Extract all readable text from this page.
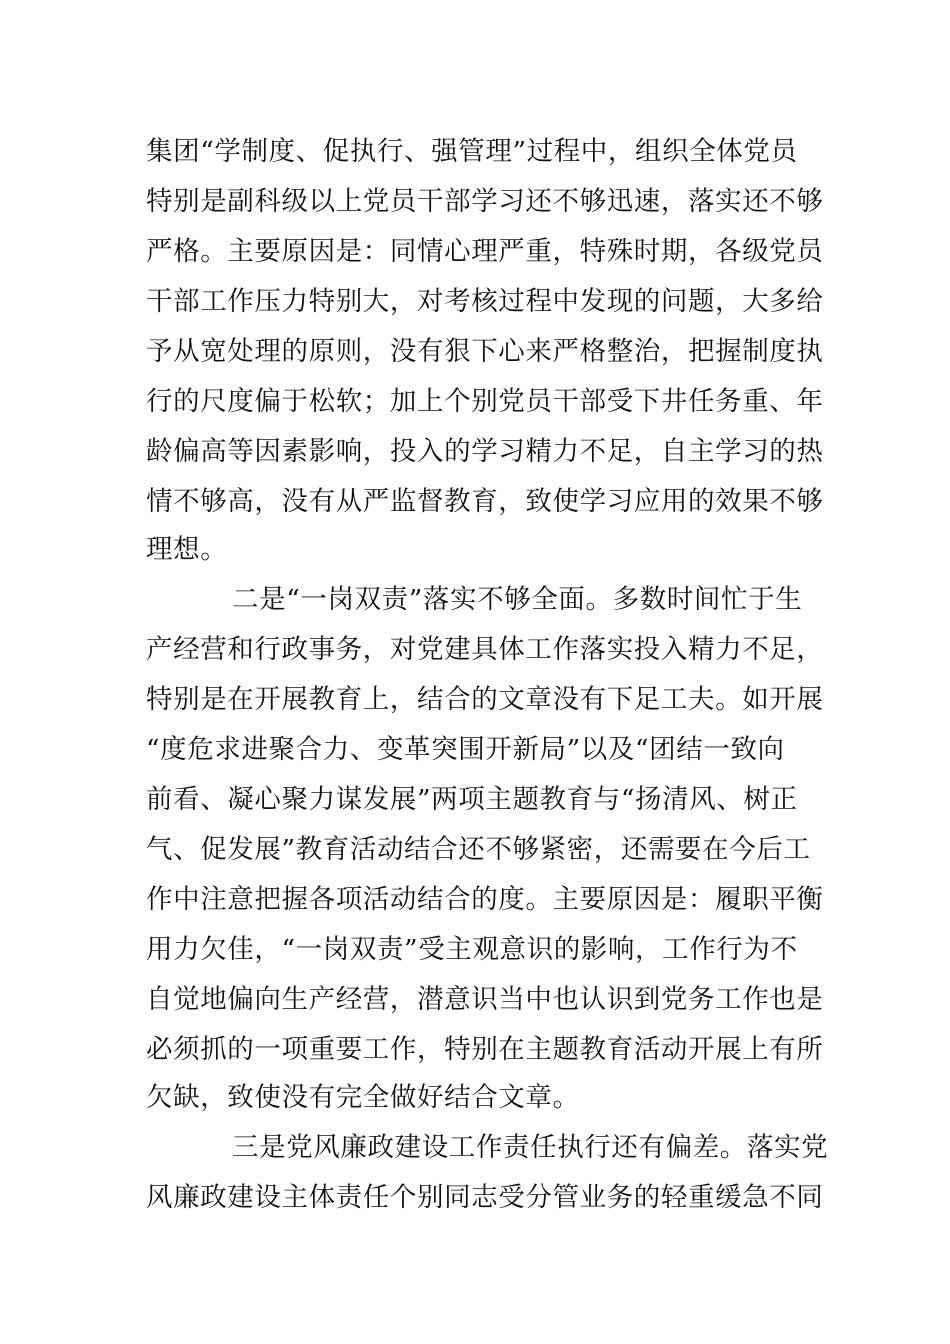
集团“学制度、促执行、强管理”过程中，组织全体党员
特别是副科级以上党员干部学习还不够迅速，落实还不够
严格。主要原因是：同情心理严重，特殊时期，各级党员
干部工作压力特别大，对考核过程中发现的问题，大多给
予从宽处理的原则，没有狠下心来严格整治，把握制度执
行的尺度偏于松软；加上个别党员干部受下井任务重、年
龄偏高等因素影响，投入的学习精力不足，自主学习的热
情不够高，没有从严监督教育，致使学习应用的效果不够
理想。
二是“一岗双责”落实不够全面。多数时间忙于生
产经营和行政事务，对党建具体工作落实投入精力不足，
特别是在开展教育上，结合的文章没有下足工夫。如开展
“度危求进聚合力、变革突围开新局”以及“团结一致向
前看、凝心聚力谋发展”两项主题教育与“扬清风、树正
气、促发展”教育活动结合还不够紧密，还需要在今后工
作中注意把握各项活动结合的度。主要原因是：履职平衡
用力欠佳，“一岗双责”受主观意识的影响，工作行为不
自觉地偏向生产经营，潜意识当中也认识到党务工作也是
必须抓的一项重要工作，特别在主题教育活动开展上有所
欠缺，致使没有完全做好结合文章。
三是党风廉政建设工作责任执行还有偏差。落实党
风廉政建设主体责任个别同志受分管业务的轻重缓急不同
